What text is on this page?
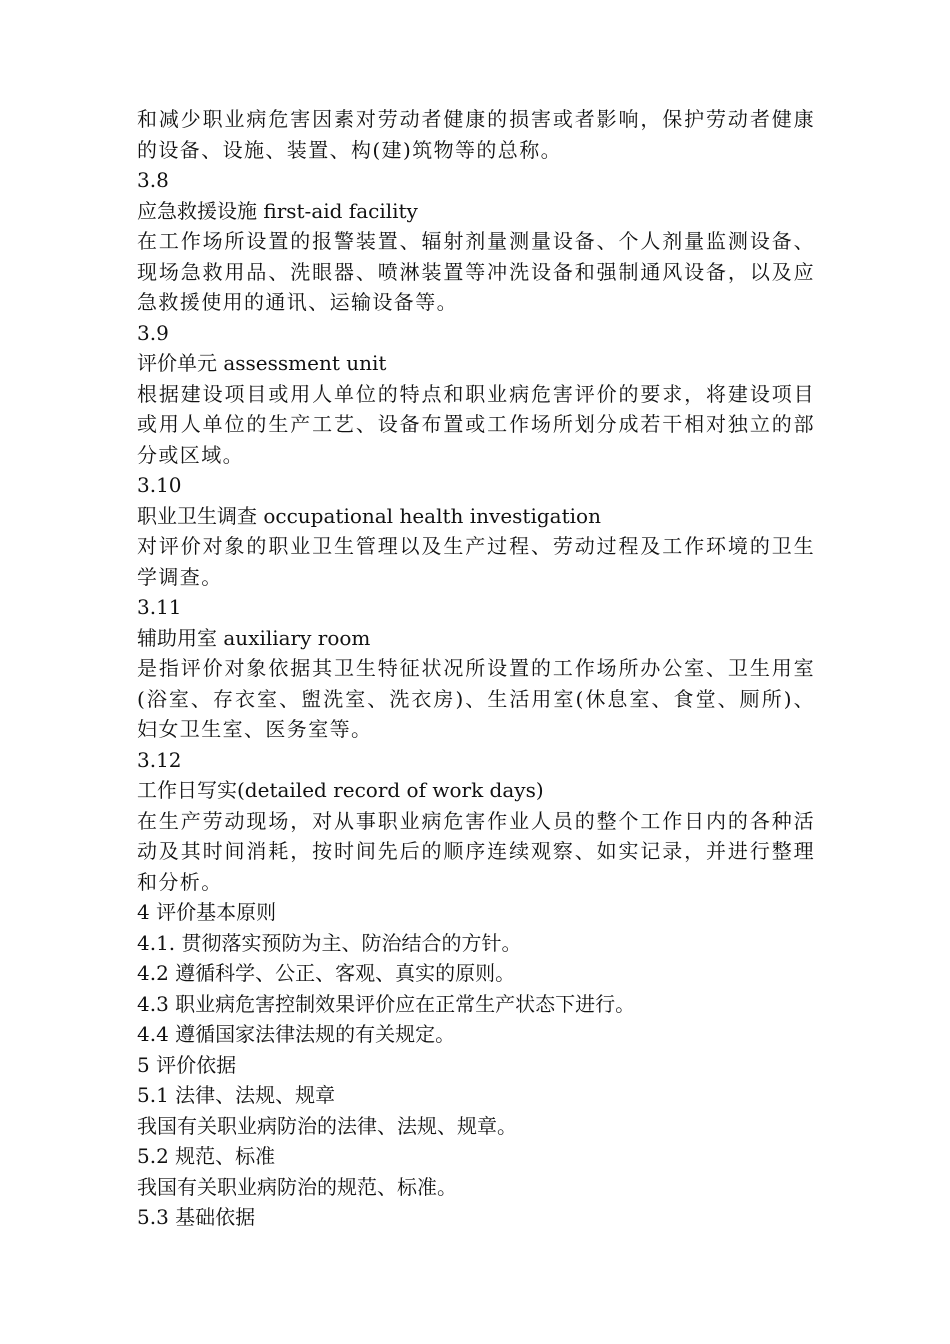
和减少职业病危害因素对劳动者健康的损害或者影响，保护劳动者健康的设备、设施、装置、构(建)筑物等的总称。
3.8
应急救援设施 first-aid facility
在工作场所设置的报警装置、辐射剂量测量设备、个人剂量监测设备、现场急救用品、洗眼器、喷淋装置等冲洗设备和强制通风设备，以及应急救援使用的通讯、运输设备等。
3.9
评价单元 assessment unit
根据建设项目或用人单位的特点和职业病危害评价的要求，将建设项目或用人单位的生产工艺、设备布置或工作场所划分成若干相对独立的部分或区域。
3.10
职业卫生调查 occupational health investigation
对评价对象的职业卫生管理以及生产过程、劳动过程及工作环境的卫生学调查。
3.11
辅助用室 auxiliary room
是指评价对象依据其卫生特征状况所设置的工作场所办公室、卫生用室(浴室、存衣室、盥洗室、洗衣房)、生活用室(休息室、食堂、厕所)、妇女卫生室、医务室等。
3.12
工作日写实(detailed record of work days)
在生产劳动现场，对从事职业病危害作业人员的整个工作日内的各种活动及其时间消耗，按时间先后的顺序连续观察、如实记录，并进行整理和分析。
4 评价基本原则
4.1. 贯彻落实预防为主、防治结合的方针。
4.2 遵循科学、公正、客观、真实的原则。
4.3 职业病危害控制效果评价应在正常生产状态下进行。
4.4 遵循国家法律法规的有关规定。
5 评价依据
5.1 法律、法规、规章
我国有关职业病防治的法律、法规、规章。
5.2 规范、标准
我国有关职业病防治的规范、标准。
5.3 基础依据
